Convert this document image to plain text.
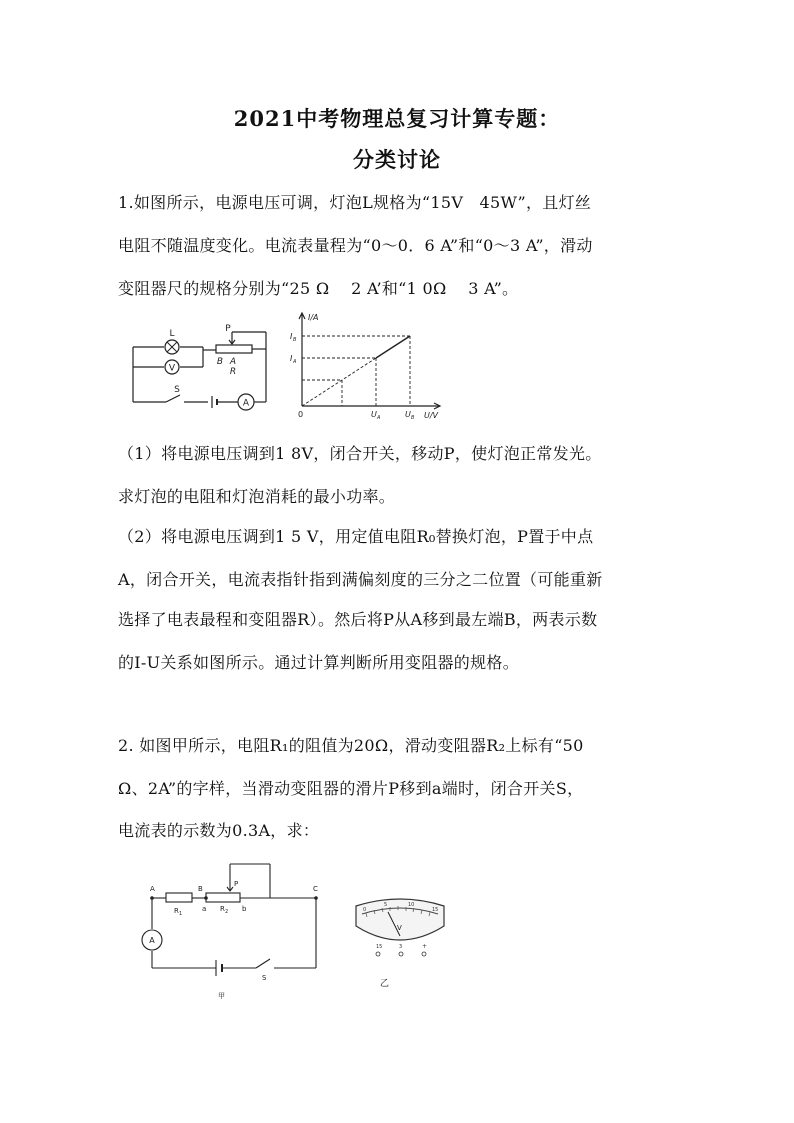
2021中考物理总复习计算专题：
分类讨论
1.如图所示，电源电压可调，灯泡L规格为“15V　45W”，且灯丝
电阻不随温度变化。电流表量程为“0～0．6 A”和“0～3 A”，滑动
变阻器尺的规格分别为“25 Ω　 2 A’和“1 0Ω　 3 A”。
V
A
L
S
P
B A
R
I/A
U/V
0
I B
I A
U A	U B
（1）将电源电压调到1 8V，闭合开关，移动P，使灯泡正常发光。
求灯泡的电阻和灯泡消耗的最小功率。
（2）将电源电压调到1 5 V，用定值电阻R₀替换灯泡，P置于中点
A，闭合开关，电流表指针指到满偏刻度的三分之二位置（可能重新
选择了电表最程和变阻器R）。然后将P从A移到最左端B，两表示数
的I-U关系如图所示。通过计算判断所用变阻器的规格。
2. 如图甲所示，电阻R₁的阻值为20Ω，滑动变阻器R₂上标有“50
Ω、2A”的字样，当滑动变阻器的滑片P移到a端时，闭合开关S，
电流表的示数为0.3A，求：
A
A	B	C
R 1
R 2
a	b
P
S
甲
0
5	10
15
V
15	3	+
乙
